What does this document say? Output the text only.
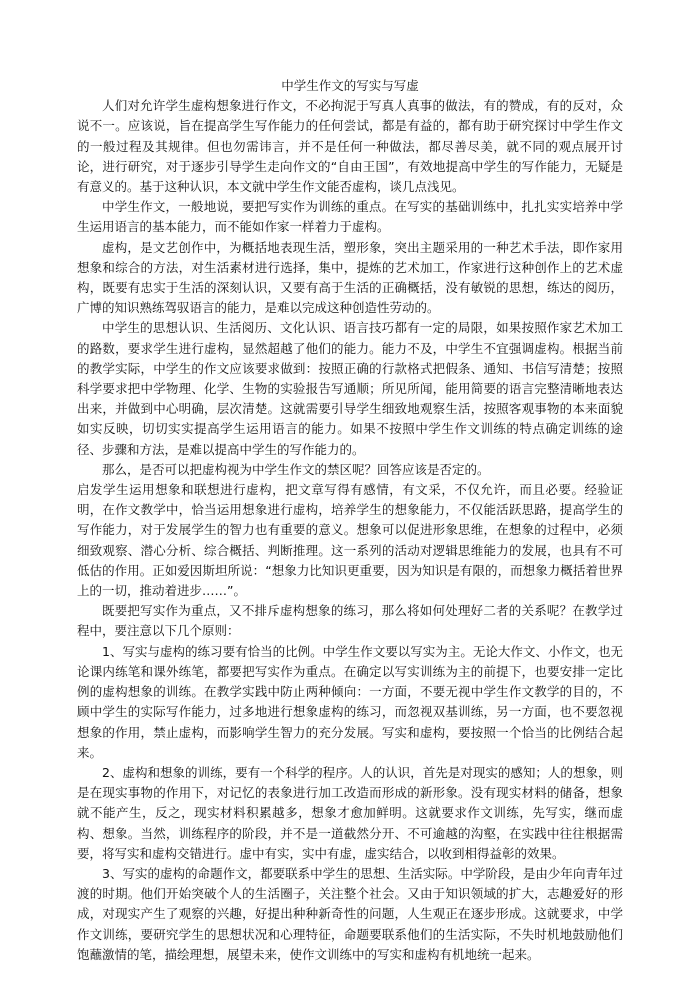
中学生作文的写实与写虚

人们对允许学生虚构想象进行作文，不必拘泥于写真人真事的做法，有的赞成，有的反对，众说不一。应该说，旨在提高学生写作能力的任何尝试，都是有益的，都有助于研究探讨中学生作文的一般过程及其规律。但也勿需讳言，并不是任何一种做法，都尽善尽美，就不同的观点展开讨论，进行研究，对于逐步引导学生走向作文的“自由王国”，有效地提高中学生的写作能力，无疑是有意义的。基于这种认识，本文就中学生作文能否虚构，谈几点浅见。

中学生作文，一般地说，要把写实作为训练的重点。在写实的基础训练中，扎扎实实培养中学生运用语言的基本能力，而不能如作家一样着力于虚构。

虚构，是文艺创作中，为概括地表现生活，塑形象，突出主题采用的一种艺术手法，即作家用想象和综合的方法，对生活素材进行选择，集中，提炼的艺术加工，作家进行这种创作上的艺术虚构，既要有忠实于生活的深刻认识，又要有高于生活的正确概括，没有敏锐的思想，练达的阅历，广博的知识熟练驾驭语言的能力，是难以完成这种创造性劳动的。

中学生的思想认识、生活阅历、文化认识、语言技巧都有一定的局限，如果按照作家艺术加工的路数，要求学生进行虚构，显然超越了他们的能力。能力不及，中学生不宜强调虚构。根据当前的教学实际，中学生的作文应该要求做到：按照正确的行款格式把假条、通知、书信写清楚；按照科学要求把中学物理、化学、生物的实验报告写通顺；所见所闻，能用简要的语言完整清晰地表达出来，并做到中心明确，层次清楚。这就需要引导学生细致地观察生活，按照客观事物的本来面貌如实反映，切切实实提高学生运用语言的能力。如果不按照中学生作文训练的特点确定训练的途径、步骤和方法，是难以提高中学生的写作能力的。

那么，是否可以把虚构视为中学生作文的禁区呢？回答应该是否定的。

启发学生运用想象和联想进行虚构，把文章写得有感情，有文采，不仅允许，而且必要。经验证明，在作文教学中，恰当运用想象进行虚构，培养学生的想象能力，不仅能活跃思路，提高学生的写作能力，对于发展学生的智力也有重要的意义。想象可以促进形象思维，在想象的过程中，必须细致观察、潜心分析、综合概括、判断推理。这一系列的活动对逻辑思维能力的发展，也具有不可低估的作用。正如爱因斯坦所说：“想象力比知识更重要，因为知识是有限的，而想象力概括着世界上的一切，推动着进步……”。

既要把写实作为重点，又不排斥虚构想象的练习，那么将如何处理好二者的关系呢？在教学过程中，要注意以下几个原则：

1、写实与虚构的练习要有恰当的比例。中学生作文要以写实为主。无论大作文、小作文，也无论课内练笔和课外练笔，都要把写实作为重点。在确定以写实训练为主的前提下，也要安排一定比例的虚构想象的训练。在教学实践中防止两种倾向：一方面，不要无视中学生作文教学的目的，不顾中学生的实际写作能力，过多地进行想象虚构的练习，而忽视双基训练，另一方面，也不要忽视想象的作用，禁止虚构，而影响学生智力的充分发展。写实和虚构，要按照一个恰当的比例结合起来。

2、虚构和想象的训练，要有一个科学的程序。人的认识，首先是对现实的感知；人的想象，则是在现实事物的作用下，对记忆的表象进行加工改造而形成的新形象。没有现实材料的储备，想象就不能产生，反之，现实材料积累越多，想象才愈加鲜明。这就要求作文训练，先写实，继而虚构、想象。当然，训练程序的阶段，并不是一道截然分开、不可逾越的沟壑，在实践中往往根据需要，将写实和虚构交错进行。虚中有实，实中有虚，虚实结合，以收到相得益彰的效果。

3、写实的虚构的命题作文，都要联系中学生的思想、生活实际。中学阶段，是由少年向青年过渡的时期。他们开始突破个人的生活圈子，关注整个社会。又由于知识领域的扩大，志趣爱好的形成，对现实产生了观察的兴趣，好提出种种新奇性的问题，人生观正在逐步形成。这就要求，中学作文训练，要研究学生的思想状况和心理特征，命题要联系他们的生活实际，不失时机地鼓励他们饱蘸激情的笔，描绘理想，展望未来，使作文训练中的写实和虚构有机地统一起来。
